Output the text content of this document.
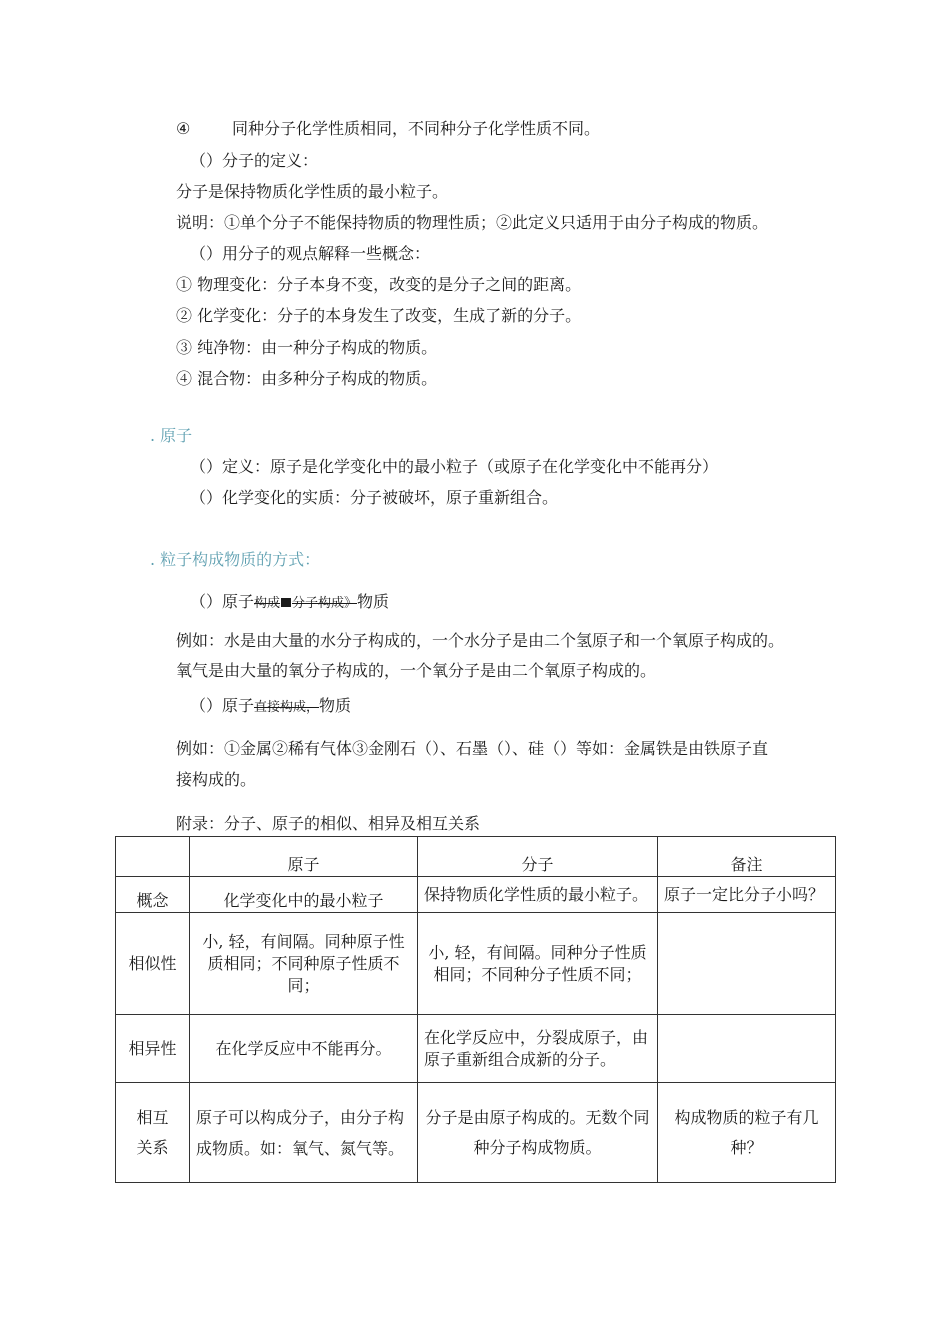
④	同种分子化学性质相同，不同种分子化学性质不同。
（）分子的定义：
分子是保持物质化学性质的最小粒子。
说明：①单个分子不能保持物质的物理性质；②此定义只适用于由分子构成的物质。
（）用分子的观点解释一些概念：
① 物理变化：分子本身不变，改变的是分子之间的距离。
② 化学变化：分子的本身发生了改变，生成了新的分子。
③ 纯净物：由一种分子构成的物质。
④ 混合物：由多种分子构成的物质。
. 原子
（）定义：原子是化学变化中的最小粒子（或原子在化学变化中不能再分）
（）化学变化的实质：分子被破坏，原子重新组合。
. 粒子构成物质的方式：
（）原子构成 分子构成》物质
例如：水是由大量的水分子构成的，一个水分子是由二个氢原子和一个氧原子构成的。
氧气是由大量的氧分子构成的，一个氧分子是由二个氧原子构成的。
（）原子直接构成，物质
例如：①金属②稀有气体③金刚石（）、石墨（）、硅（）等如：金属铁是由铁原子直
接构成的。
附录：分子、原子的相似、相异及相互关系
	原子	分子	备注
概念	化学变化中的最小粒子	保持物质化学性质的最小粒子。	原子一定比分子小吗？
相似性	小, 轻，有间隔。同种原子性质相同；不同种原子性质不同；	小, 轻，有间隔。同种分子性质相同；不同种分子性质不同；	
相异性	在化学反应中不能再分。	在化学反应中，分裂成原子，由原子重新组合成新的分子。	
相互关系	原子可以构成分子，由分子构成物质。如：氧气、氮气等。	分子是由原子构成的。无数个同种分子构成物质。	构成物质的粒子有几种？
